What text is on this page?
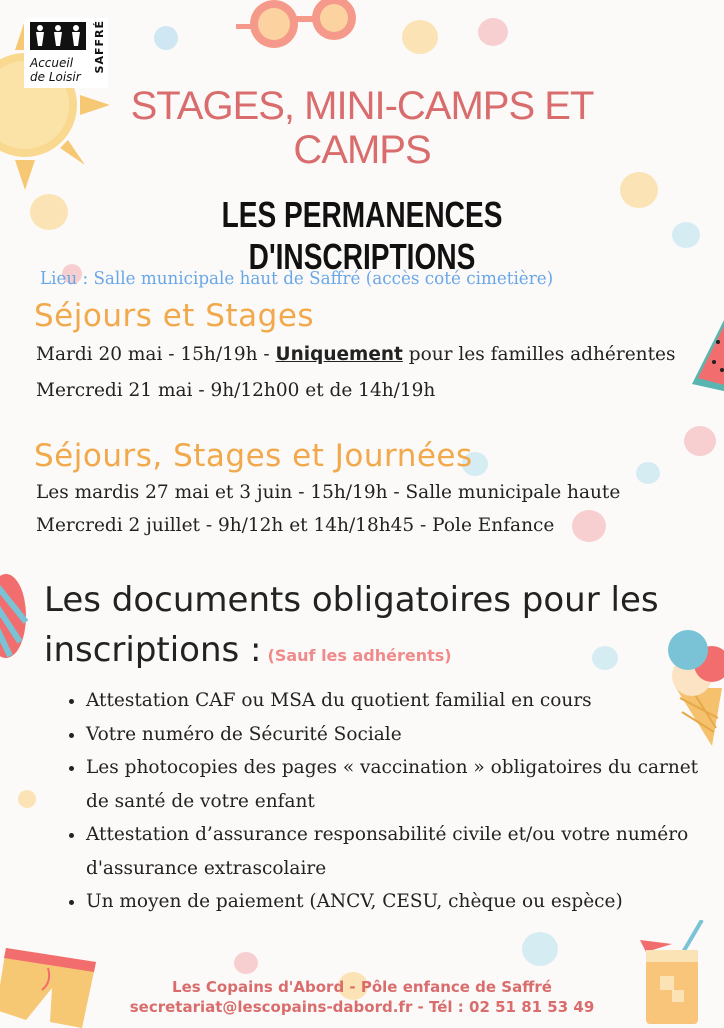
Accueil
de Loisir
SAFFRÉ
STAGES, MINI-CAMPS ET
CAMPS
LES PERMANENCES D'INSCRIPTIONS
Lieu : Salle municipale haut de Saffré (accès coté cimetière)
Séjours et Stages
Mardi 20 mai - 15h/19h - Uniquement pour les familles adhérentes
Mercredi 21 mai - 9h/12h00 et de 14h/19h
Séjours, Stages et Journées
Les mardis 27 mai et 3 juin - 15h/19h - Salle municipale haute
Mercredi 2 juillet - 9h/12h et 14h/18h45 - Pole Enfance
Les documents obligatoires pour les inscriptions : (Sauf les adhérents)
• Attestation CAF ou MSA du quotient familial en cours
• Votre numéro de Sécurité Sociale
• Les photocopies des pages « vaccination » obligatoires du carnet de santé de votre enfant
• Attestation d’assurance responsabilité civile et/ou votre numéro d'assurance extrascolaire
• Un moyen de paiement (ANCV, CESU, chèque ou espèce)
Les Copains d'Abord - Pôle enfance de Saffré
secretariat@lescopains-dabord.fr - Tél : 02 51 81 53 49
